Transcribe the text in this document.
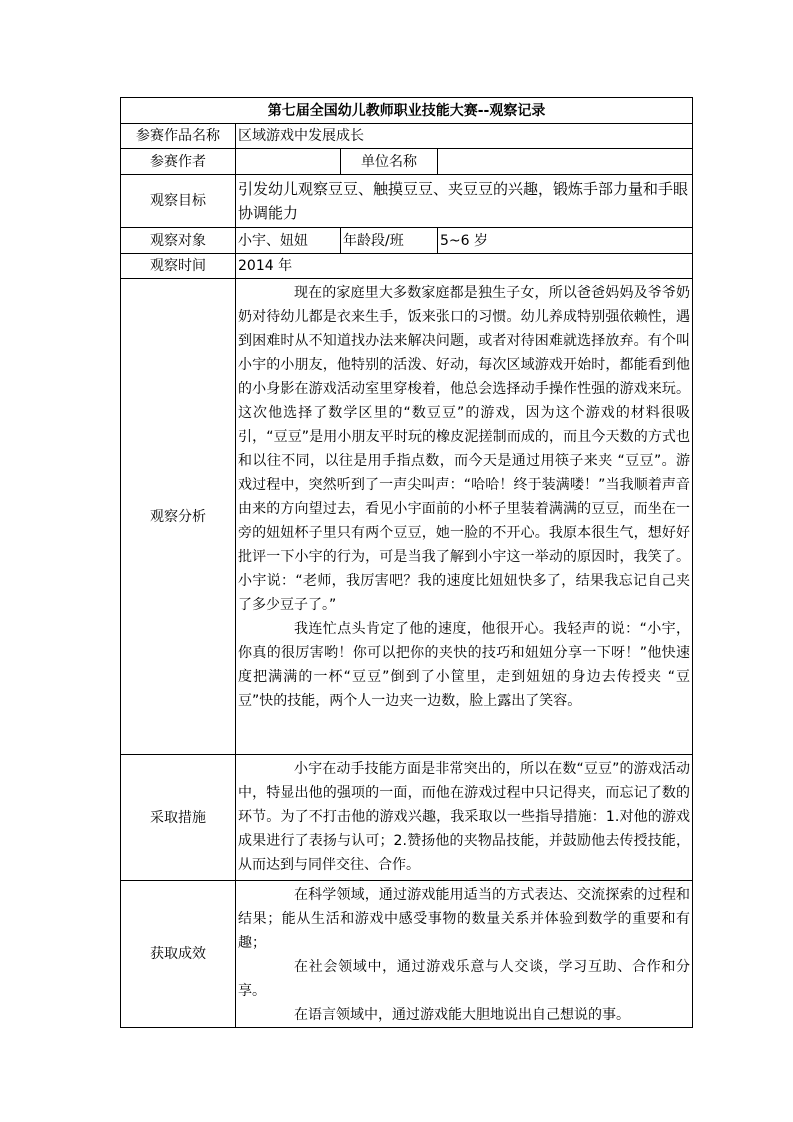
第七届全国幼儿教师职业技能大赛--观察记录			
参赛作品名称	区域游戏中发展成长		
参赛作者		单位名称	
观察目标	引发幼儿观察豆豆、触摸豆豆、夹豆豆的兴趣，锻炼手部力量和手眼协调能力		
观察对象	小宇、妞妞	年龄段/班	5~6 岁
观察时间	2014 年		
观察分析	现在的家庭里大多数家庭都是独生子女，所以爸爸妈妈及爷爷奶奶对待幼儿都是衣来生手，饭来张口的习惯。幼儿养成特别强依赖性，遇到困难时从不知道找办法来解决问题，或者对待困难就选择放弃。有个叫小宇的小朋友，他特别的活泼、好动，每次区域游戏开始时，都能看到他的小身影在游戏活动室里穿梭着，他总会选择动手操作性强的游戏来玩。这次他选择了数学区里的“数豆豆”的游戏，因为这个游戏的材料很吸引，“豆豆”是用小朋友平时玩的橡皮泥搓制而成的，而且今天数的方式也和以往不同，以往是用手指点数，而今天是通过用筷子来夹 “豆豆”。游戏过程中，突然听到了一声尖叫声：“哈哈！终于装满喽！”当我顺着声音由来的方向望过去，看见小宇面前的小杯子里装着满满的豆豆，而坐在一旁的妞妞杯子里只有两个豆豆，她一脸的不开心。我原本很生气，想好好批评一下小宇的行为，可是当我了解到小宇这一举动的原因时，我笑了。小宇说：“老师，我厉害吧？我的速度比妞妞快多了，结果我忘记自己夹了多少豆子了。”

我连忙点头肯定了他的速度，他很开心。我轻声的说：“小宇，你真的很厉害哟！你可以把你的夹快的技巧和妞妞分享一下呀！”他快速度把满满的一杯“豆豆”倒到了小筐里，走到妞妞的身边去传授夹 “豆豆”快的技能，两个人一边夹一边数，脸上露出了笑容。		

采取措施	小宇在动手技能方面是非常突出的，所以在数“豆豆”的游戏活动中，特显出他的强项的一面，而他在游戏过程中只记得夹，而忘记了数的环节。为了不打击他的游戏兴趣，我采取以一些指导措施：1.对他的游戏成果进行了表扬与认可；2.赞扬他的夹物品技能，并鼓励他去传授技能，从而达到与同伴交往、合作。		

获取成效	在科学领域，通过游戏能用适当的方式表达、交流探索的过程和结果；能从生活和游戏中感受事物的数量关系并体验到数学的重要和有趣；

在社会领域中，通过游戏乐意与人交谈，学习互助、合作和分享。

在语言领域中，通过游戏能大胆地说出自己想说的事。		
